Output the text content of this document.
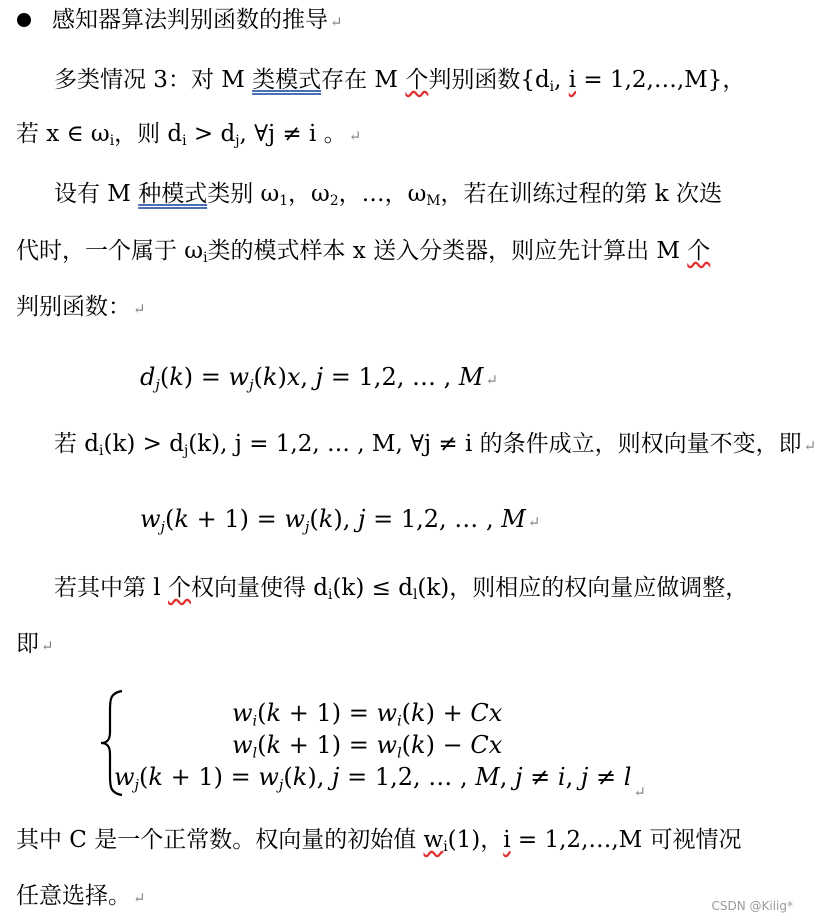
感知器算法判别函数的推导 ↵
多类情况 3：对 M 类模式存在 M 个判别函数{$d_i$, i = 1,2,…,M}，
若 x ∈ $\omega_i$，则 $d_i > d_j$, ∀j ≠ i 。 ↵
设有 M 种模式类别 $\omega_1$，$\omega_2$，…，$\omega_M$，若在训练过程的第 k 次迭
代时，一个属于 $\omega_i$类的模式样本 x 送入分类器，则应先计算出 M 个
判别函数： ↵
$d_j(k) = w_j(k)x$, j = 1,2, … , M ↵
若 $d_i(k) > d_j(k)$, j = 1,2, … , M, ∀j ≠ i 的条件成立，则权向量不变，即 ↵
$w_j(k + 1) = w_j(k)$, j = 1,2, … , M ↵
若其中第 l 个权向量使得 $d_i(k) \le d_l(k)$，则相应的权向量应做调整，
即 ↵
$w_i(k + 1) = w_i(k) + Cx$
$w_l(k + 1) = w_l(k) - Cx$
$w_j(k + 1) = w_j(k)$, j = 1,2, … , M, j ≠ i, $j \ne l_↵$
其中 C 是一个正常数。权向量的初始值 $w_i(1)$，i = 1,2,…,M 可视情况
任意选择。 ↵	CSDN @Kilig*
